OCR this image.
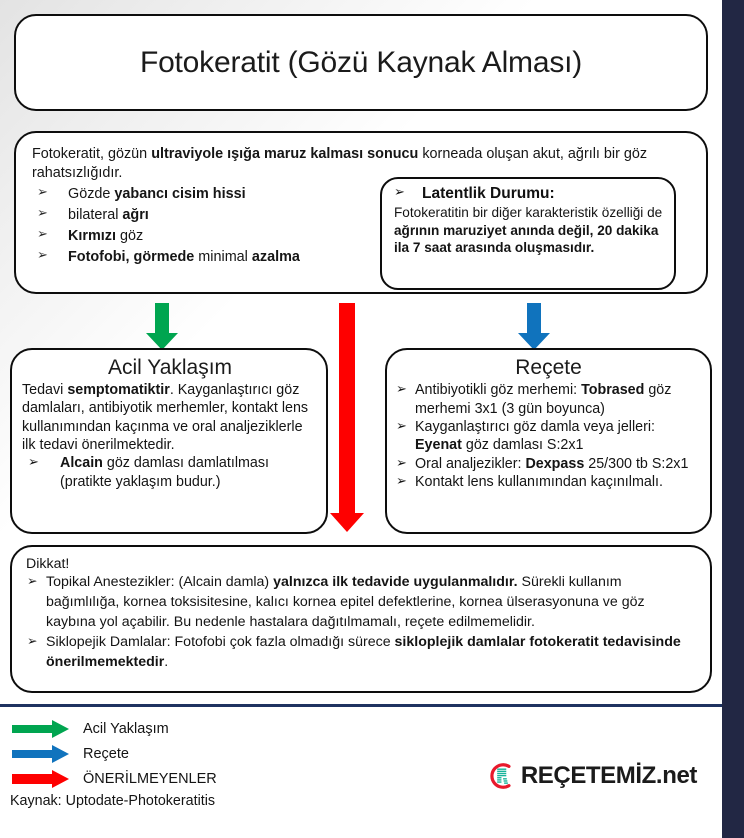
Fotokeratit (Gözü Kaynak Alması)

Fotokeratit, gözün ultraviyole ışığa maruz kalması sonucu korneada oluşan akut, ağrılı bir göz rahatsızlığıdır.

➢ Gözde yabancı cisim hissi
➢ bilateral ağrı
➢ Kırmızı göz
➢ Fotofobi, görmede minimal azalma
➢ Latentlik Durumu:
Fotokeratitin bir diğer karakteristik özelliği de ağrının maruziyet anında değil, 20 dakika ila 7 saat arasında oluşmasıdır.
Acil Yaklaşım

Tedavi semptomatiktir. Kayganlaştırıcı göz damlaları, antibiyotik merhemler, kontakt lens kullanımından kaçınma ve oral analjeziklerle ilk tedavi önerilmektedir.

➢ Alcain göz damlası damlatılması (pratikte yaklaşım budur.)
Reçete
➢ Antibiyotikli göz merhemi: Tobrased göz merhemi 3x1 (3 gün boyunca)
➢ Kayganlaştırıcı göz damla veya jelleri: Eyenat göz damlası S:2x1
➢ Oral analjezikler: Dexpass 25/300 tb S:2x1
➢ Kontakt lens kullanımından kaçınılmalı.
Dikkat!
➢ Topikal Anestezikler: (Alcain damla) yalnızca ilk tedavide uygulanmalıdır. Sürekli kullanım bağımlılığa, kornea toksisitesine, kalıcı kornea epitel defektlerine, kornea ülserasyonuna ve göz kaybına yol açabilir. Bu nedenle hastalara dağıtılmamalı, reçete edilmemelidir.
➢ Siklopejik Damlalar: Fotofobi çok fazla olmadığı sürece sikloplejik damlalar fotokeratit tedavisinde önerilmemektedir.
Acil Yaklaşım
Reçete
ÖNERİLMEYENLER
Kaynak: Uptodate-Photokeratitis
REÇETEMİZ.net
